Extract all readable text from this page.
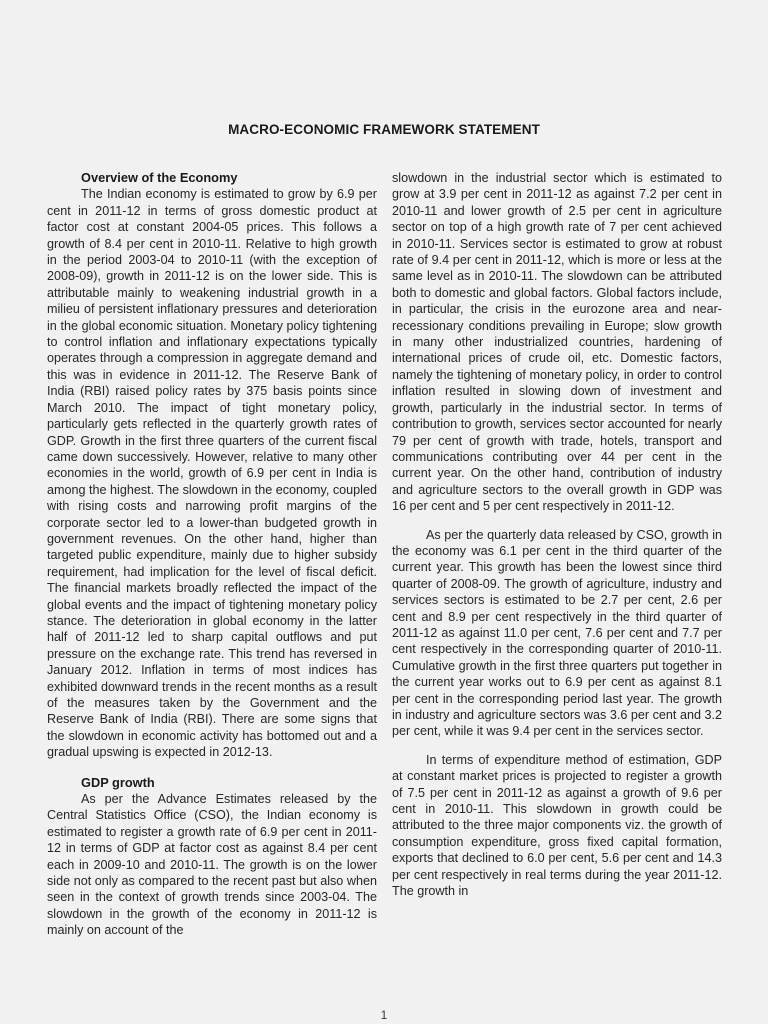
MACRO-ECONOMIC FRAMEWORK STATEMENT
Overview of the Economy

The Indian economy is estimated to grow by 6.9 per cent in 2011-12 in terms of gross domestic product at factor cost at constant 2004-05 prices. This follows a growth of 8.4 per cent in 2010-11. Relative to high growth in the period 2003-04 to 2010-11 (with the exception of 2008-09), growth in 2011-12 is on the lower side. This is attributable mainly to weakening industrial growth in a milieu of persistent inflationary pressures and deterioration in the global economic situation. Monetary policy tightening to control inflation and inflationary expectations typically operates through a compression in aggregate demand and this was in evidence in 2011-12. The Reserve Bank of India (RBI) raised policy rates by 375 basis points since March 2010. The impact of tight monetary policy, particularly gets reflected in the quarterly growth rates of GDP. Growth in the first three quarters of the current fiscal came down successively. However, relative to many other economies in the world, growth of 6.9 per cent in India is among the highest. The slowdown in the economy, coupled with rising costs and narrowing profit margins of the corporate sector led to a lower-than budgeted growth in government revenues. On the other hand, higher than targeted public expenditure, mainly due to higher subsidy requirement, had implication for the level of fiscal deficit. The financial markets broadly reflected the impact of the global events and the impact of tightening monetary policy stance. The deterioration in global economy in the latter half of 2011-12 led to sharp capital outflows and put pressure on the exchange rate. This trend has reversed in January 2012. Inflation in terms of most indices has exhibited downward trends in the recent months as a result of the measures taken by the Government and the Reserve Bank of India (RBI). There are some signs that the slowdown in economic activity has bottomed out and a gradual upswing is expected in 2012-13.

GDP growth

As per the Advance Estimates released by the Central Statistics Office (CSO), the Indian economy is estimated to register a growth rate of 6.9 per cent in 2011-12 in terms of GDP at factor cost as against 8.4 per cent each in 2009-10 and 2010-11. The growth is on the lower side not only as compared to the recent past but also when seen in the context of growth trends since 2003-04. The slowdown in the growth of the economy in 2011-12 is mainly on account of the

slowdown in the industrial sector which is estimated to grow at 3.9 per cent in 2011-12 as against 7.2 per cent in 2010-11 and lower growth of 2.5 per cent in agriculture sector on top of a high growth rate of 7 per cent achieved in 2010-11. Services sector is estimated to grow at robust rate of 9.4 per cent in 2011-12, which is more or less at the same level as in 2010-11. The slowdown can be attributed both to domestic and global factors. Global factors include, in particular, the crisis in the eurozone area and near-recessionary conditions prevailing in Europe; slow growth in many other industrialized countries, hardening of international prices of crude oil, etc. Domestic factors, namely the tightening of monetary policy, in order to control inflation resulted in slowing down of investment and growth, particularly in the industrial sector. In terms of contribution to growth, services sector accounted for nearly 79 per cent of growth with trade, hotels, transport and communications contributing over 44 per cent in the current year. On the other hand, contribution of industry and agriculture sectors to the overall growth in GDP was 16 per cent and 5 per cent respectively in 2011-12.

As per the quarterly data released by CSO, growth in the economy was 6.1 per cent in the third quarter of the current year. This growth has been the lowest since third quarter of 2008-09. The growth of agriculture, industry and services sectors is estimated to be 2.7 per cent, 2.6 per cent and 8.9 per cent respectively in the third quarter of 2011-12 as against 11.0 per cent, 7.6 per cent and 7.7 per cent respectively in the corresponding quarter of 2010-11. Cumulative growth in the first three quarters put together in the current year works out to 6.9 per cent as against 8.1 per cent in the corresponding period last year. The growth in industry and agriculture sectors was 3.6 per cent and 3.2 per cent, while it was 9.4 per cent in the services sector.

In terms of expenditure method of estimation, GDP at constant market prices is projected to register a growth of 7.5 per cent in 2011-12 as against a growth of 9.6 per cent in 2010-11. This slowdown in growth could be attributed to the three major components viz. the growth of consumption expenditure, gross fixed capital formation, exports that declined to 6.0 per cent, 5.6 per cent and 14.3 per cent respectively in real terms during the year 2011-12. The growth in

1
